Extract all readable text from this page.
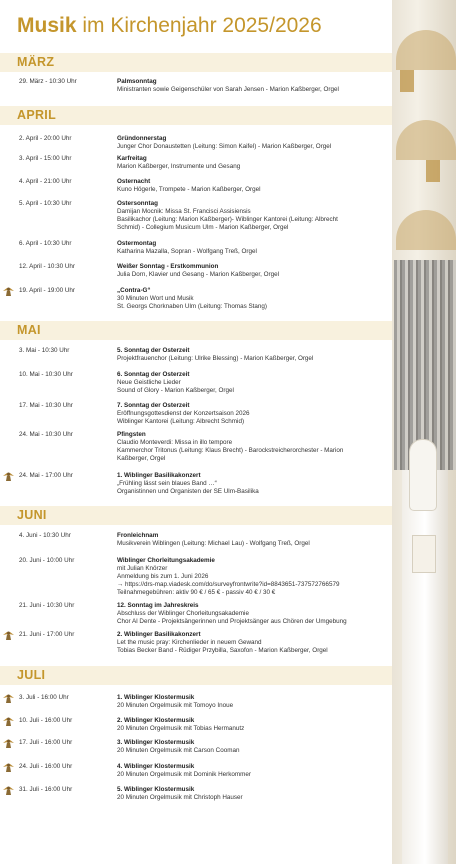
Musik im Kirchenjahr 2025/2026
MÄRZ
29. März - 10:30 Uhr	Palmsonntag
Ministranten sowie Geigenschüler von Sarah Jensen - Marion Kaßberger, Orgel
APRIL
2. April - 20:00 Uhr	Gründonnerstag
Junger Chor Donaustetten (Leitung: Simon Kaifel) - Marion Kaßberger, Orgel
3. April - 15:00 Uhr	Karfreitag
Marion Kaßberger, Instrumente und Gesang
4. April - 21:00 Uhr	Osternacht
Kuno Högerle, Trompete - Marion Kaßberger, Orgel
5. April - 10:30 Uhr	Ostersonntag
Damijan Mocnik: Missa St. Francisci Assisiensis
Basilikachor (Leitung: Marion Kaßberger)- Wiblinger Kantorei (Leitung: Albrecht
Schmid) - Collegium Musicum Ulm - Marion Kaßberger, Orgel
6. April - 10:30 Uhr	Ostermontag
Katharina Mazalla, Sopran - Wolfgang Treß, Orgel
12. April - 10:30 Uhr	Weißer Sonntag - Erstkommunion
Julia Dorn, Klavier und Gesang - Marion Kaßberger, Orgel
19. April - 19:00 Uhr	„Contra-G“
30 Minuten Wort und Musik
St. Georgs Chorknaben Ulm (Leitung: Thomas Stang)
MAI
3. Mai - 10:30 Uhr	5. Sonntag der Osterzeit
Projektfrauenchor (Leitung: Ulrike Blessing) - Marion Kaßberger, Orgel
10. Mai - 10:30 Uhr	6. Sonntag der Osterzeit
Neue Geistliche Lieder
Sound of Glory - Marion Kaßberger, Orgel
17. Mai - 10:30 Uhr	7. Sonntag der Osterzeit
Eröffnungsgottesdienst der Konzertsaison 2026
Wiblinger Kantorei (Leitung: Albrecht Schmid)
24. Mai - 10:30 Uhr	Pfingsten
Claudio Monteverdi: Missa in illo tempore
Kammerchor Tritonus (Leitung: Klaus Brecht) - Barockstreicherorchester - Marion
Kaßberger, Orgel
24. Mai - 17:00 Uhr	1. Wiblinger Basilikakonzert
„Frühling lässt sein blaues Band …“
Organistinnen und Organisten der SE Ulm-Basilika
JUNI
4. Juni - 10:30 Uhr	Fronleichnam
Musikverein Wiblingen (Leitung: Michael Lau) - Wolfgang Treß, Orgel
20. Juni - 10:00 Uhr	Wiblinger Chorleitungsakademie
mit Julian Knörzer
Anmeldung bis zum 1. Juni 2026
→ https://drs-map.viadesk.com/do/surveyfrontwrite?id=8843651-737572766579
Teilnahmegebühren: aktiv 90 € / 65 € - passiv 40 € / 30 €
21. Juni - 10:30 Uhr	12. Sonntag im Jahreskreis
Abschluss der Wiblinger Chorleitungsakademie
Chor Al Dente - Projektsängerinnen und Projektsänger aus Chören der Umgebung
21. Juni - 17:00 Uhr	2. Wiblinger Basilikakonzert
Let the music pray: Kirchenlieder in neuem Gewand
Tobias Becker Band - Rüdiger Przybilla, Saxofon - Marion Kaßberger, Orgel
JULI
3. Juli - 16:00 Uhr	1. Wiblinger Klostermusik
20 Minuten Orgelmusik mit Tomoyo Inoue
10. Juli - 16:00 Uhr	2. Wiblinger Klostermusik
20 Minuten Orgelmusik mit Tobias Hermanutz
17. Juli - 16:00 Uhr	3. Wiblinger Klostermusik
20 Minuten Orgelmusik mit Carson Cooman
24. Juli - 16:00 Uhr	4. Wiblinger Klostermusik
20 Minuten Orgelmusik mit Dominik Herkommer
31. Juli - 16:00 Uhr	5. Wiblinger Klostermusik
20 Minuten Orgelmusik mit Christoph Hauser
